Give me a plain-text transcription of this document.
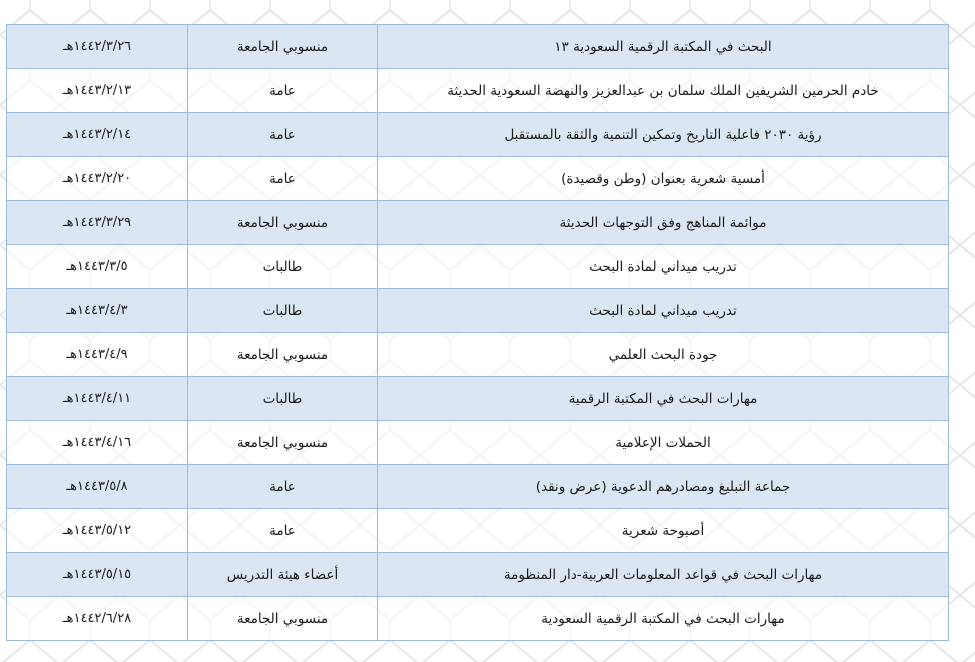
البحث في المكتبة الرقمية السعودية ١٣	منسوبي الجامعة	١٤٤٢/٣/٢٦هـ
خادم الحرمين الشريفين الملك سلمان بن عبدالعزيز والنهضة السعودية الحديثة	عامة	١٤٤٣/٢/١٣هـ
رؤية ٢٠٣٠ فاعلية التاريخ وتمكين التنمية والثقة بالمستقبل	عامة	١٤٤٣/٢/١٤هـ
أمسية شعرية بعنوان (وطن وقصيدة)	عامة	١٤٤٣/٢/٢٠هـ
موائمة المناهج وفق التوجهات الحديثة	منسوبي الجامعة	١٤٤٣/٣/٢٩هـ
تدريب ميداني لمادة البحث	طالبات	١٤٤٣/٣/٥هـ
تدريب ميداني لمادة البحث	طالبات	١٤٤٣/٤/٣هـ
جودة البحث العلمي	منسوبي الجامعة	١٤٤٣/٤/٩هـ
مهارات البحث في المكتبة الرقمية	طالبات	١٤٤٣/٤/١١هـ
الحملات الإعلامية	منسوبي الجامعة	١٤٤٣/٤/١٦هـ
جماعة التبليغ ومصادرهم الدعوية (عرض ونقد)	عامة	١٤٤٣/٥/٨هـ
أصبوحة شعرية	عامة	١٤٤٣/٥/١٢هـ
مهارات البحث في قواعد المعلومات العربية-دار المنظومة	أعضاء هيئة التدريس	١٤٤٣/٥/١٥هـ
مهارات البحث في المكتبة الرقمية السعودية	منسوبي الجامعة	١٤٤٢/٦/٢٨هـ
